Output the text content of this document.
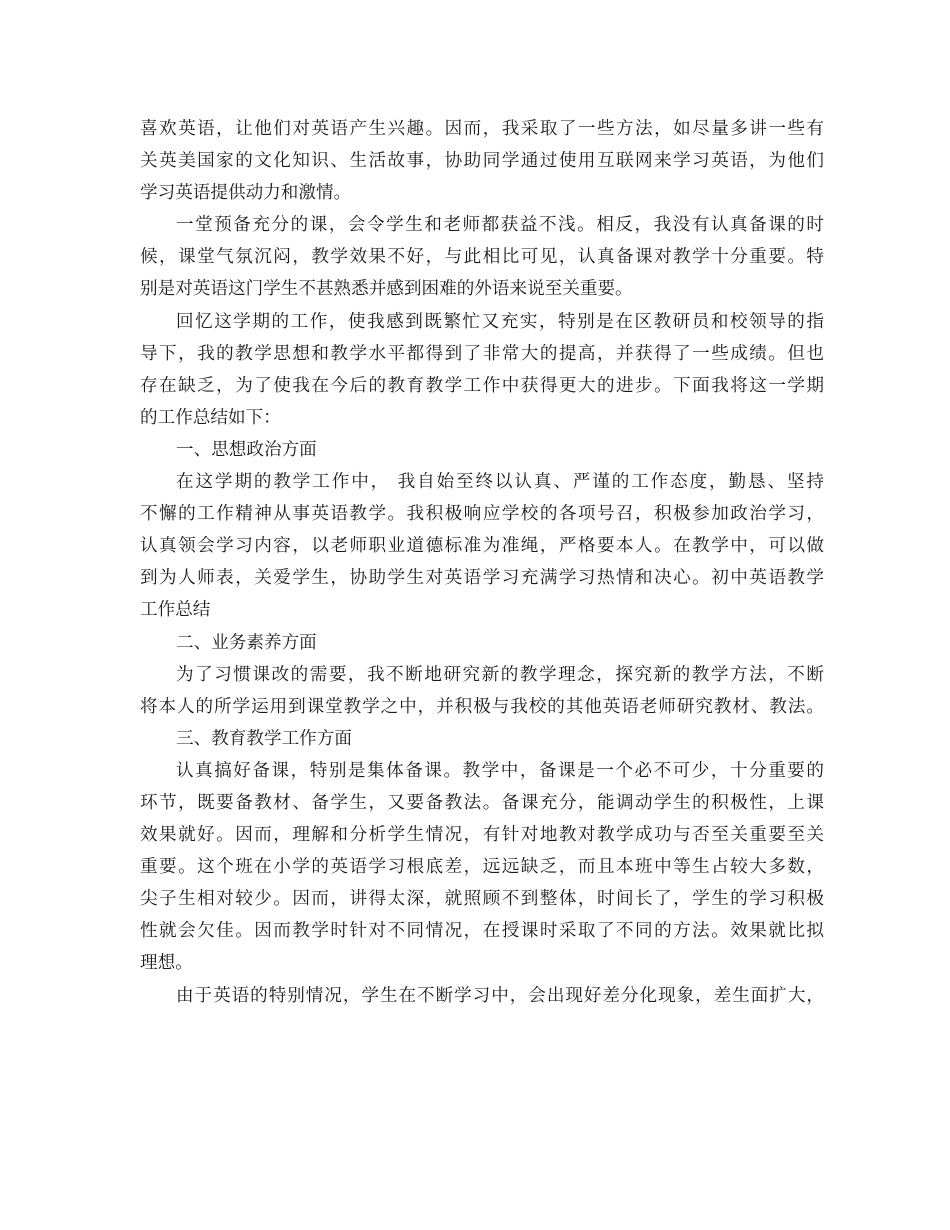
喜欢英语，让他们对英语产生兴趣。因而，我采取了一些方法，如尽量多讲一些有
关英美国家的文化知识、生活故事，协助同学通过使用互联网来学习英语，为他们
学习英语提供动力和激情。
一堂预备充分的课，会令学生和老师都获益不浅。相反，我没有认真备课的时
候，课堂气氛沉闷，教学效果不好，与此相比可见，认真备课对教学十分重要。特
别是对英语这门学生不甚熟悉并感到困难的外语来说至关重要。
回忆这学期的工作，使我感到既繁忙又充实，特别是在区教研员和校领导的指
导下，我的教学思想和教学水平都得到了非常大的提高，并获得了一些成绩。但也
存在缺乏，为了使我在今后的教育教学工作中获得更大的进步。下面我将这一学期
的工作总结如下：
一、思想政治方面
在这学期的教学工作中， 我自始至终以认真、严谨的工作态度，勤恳、坚持
不懈的工作精神从事英语教学。我积极响应学校的各项号召，积极参加政治学习，
认真领会学习内容，以老师职业道德标准为准绳，严格要本人。在教学中，可以做
到为人师表，关爱学生，协助学生对英语学习充满学习热情和决心。初中英语教学
工作总结
二、业务素养方面
为了习惯课改的需要，我不断地研究新的教学理念，探究新的教学方法，不断
将本人的所学运用到课堂教学之中，并积极与我校的其他英语老师研究教材、教法。
三、教育教学工作方面
认真搞好备课，特别是集体备课。教学中，备课是一个必不可少，十分重要的
环节，既要备教材、备学生，又要备教法。备课充分，能调动学生的积极性，上课
效果就好。因而，理解和分析学生情况，有针对地教对教学成功与否至关重要至关
重要。这个班在小学的英语学习根底差，远远缺乏，而且本班中等生占较大多数，
尖子生相对较少。因而，讲得太深，就照顾不到整体，时间长了，学生的学习积极
性就会欠佳。因而教学时针对不同情况，在授课时采取了不同的方法。效果就比拟
理想。
由于英语的特别情况，学生在不断学习中，会出现好差分化现象，差生面扩大，
